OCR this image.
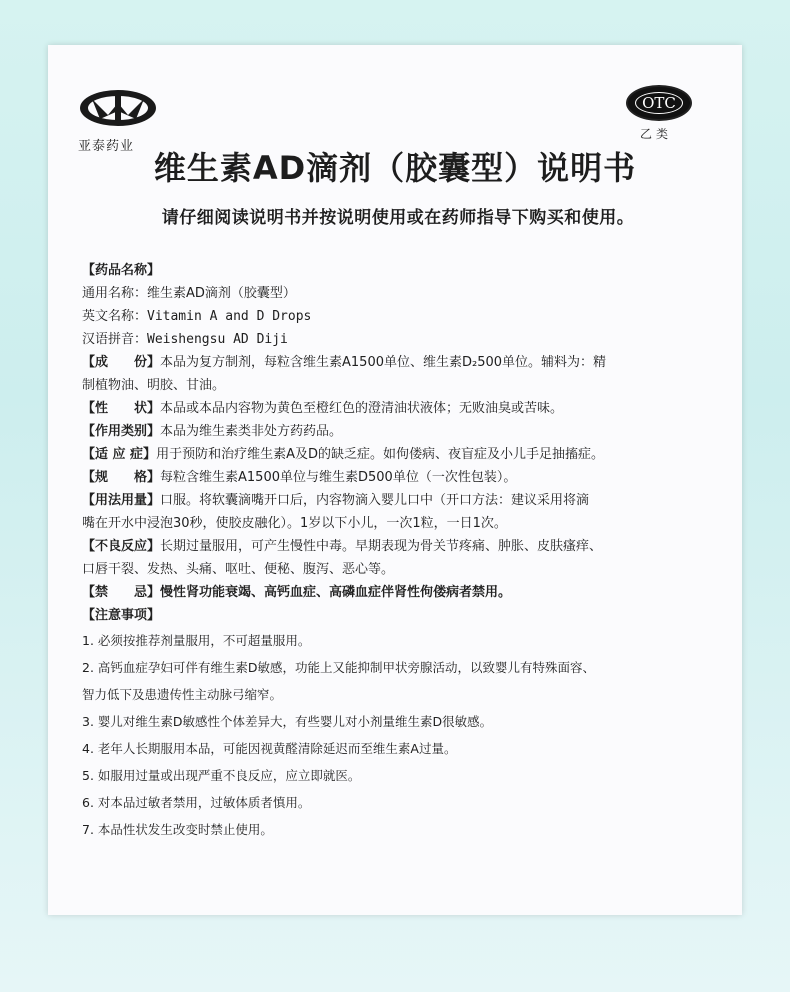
亚泰药业
OTC
乙类
维生素AD滴剂（胶囊型）说明书
请仔细阅读说明书并按说明使用或在药师指导下购买和使用。
【药品名称】
通用名称：维生素AD滴剂（胶囊型）
英文名称：Vitamin A and D Drops
汉语拼音：Weishengsu AD Diji
【成　　份】本品为复方制剂，每粒含维生素A1500单位、维生素D₂500单位。辅料为：精
制植物油、明胶、甘油。
【性　　状】本品或本品内容物为黄色至橙红色的澄清油状液体；无败油臭或苦味。
【作用类别】本品为维生素类非处方药药品。
【适 应 症】用于预防和治疗维生素A及D的缺乏症。如佝偻病、夜盲症及小儿手足抽搐症。
【规　　格】每粒含维生素A1500单位与维生素D500单位（一次性包装）。
【用法用量】口服。将软囊滴嘴开口后，内容物滴入婴儿口中（开口方法：建议采用将滴
嘴在开水中浸泡30秒，使胶皮融化）。1岁以下小儿，一次1粒，一日1次。
【不良反应】长期过量服用，可产生慢性中毒。早期表现为骨关节疼痛、肿胀、皮肤瘙痒、
口唇干裂、发热、头痛、呕吐、便秘、腹泻、恶心等。
【禁　　忌】慢性肾功能衰竭、高钙血症、高磷血症伴肾性佝偻病者禁用。
【注意事项】
1. 必须按推荐剂量服用，不可超量服用。
2. 高钙血症孕妇可伴有维生素D敏感，功能上又能抑制甲状旁腺活动，以致婴儿有特殊面容、
智力低下及患遗传性主动脉弓缩窄。
3. 婴儿对维生素D敏感性个体差异大，有些婴儿对小剂量维生素D很敏感。
4. 老年人长期服用本品，可能因视黄醛清除延迟而至维生素A过量。
5. 如服用过量或出现严重不良反应，应立即就医。
6. 对本品过敏者禁用，过敏体质者慎用。
7. 本品性状发生改变时禁止使用。
